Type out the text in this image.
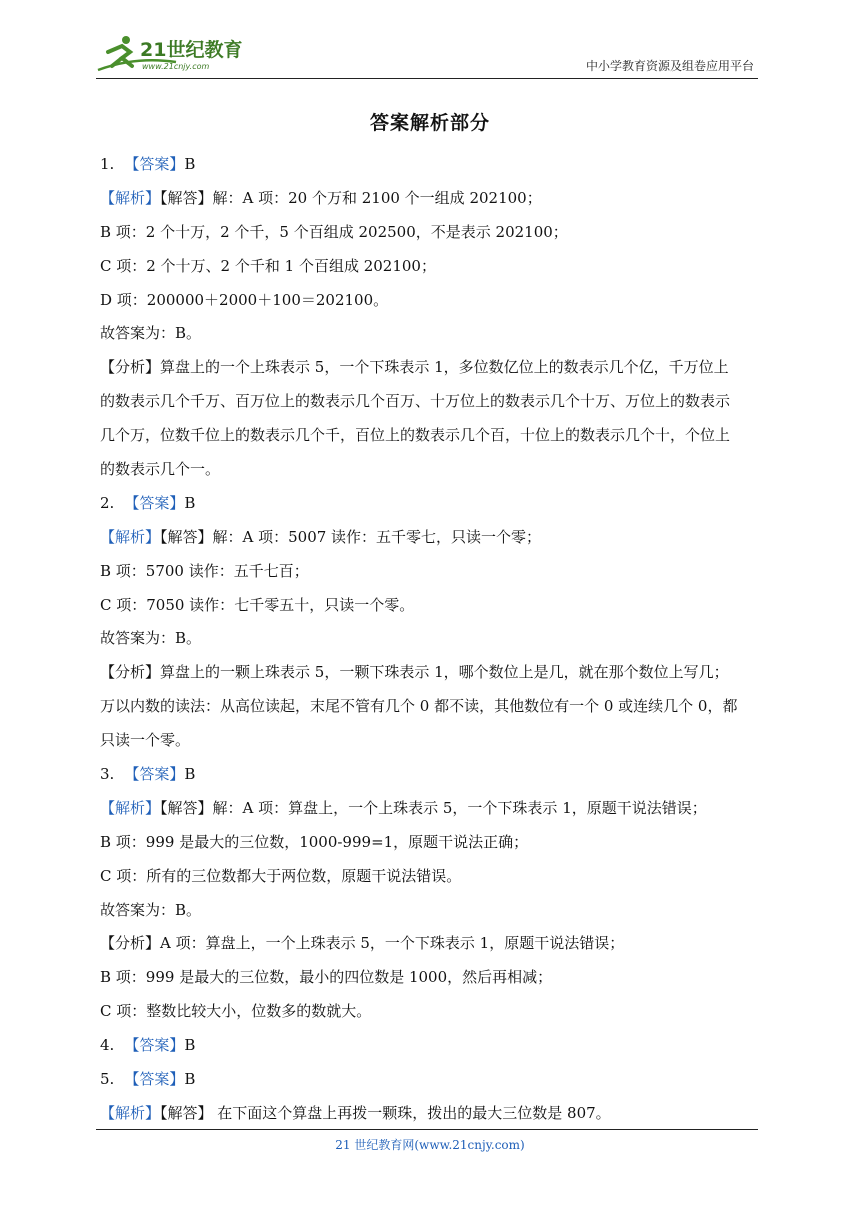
21世纪教育
www.21cnjy.com	中小学教育资源及组卷应用平台
答案解析部分
1. 【答案】B
【解析】【解答】解：A 项：20 个万和 2100 个一组成 202100；
B 项：2 个十万，2 个千，5 个百组成 202500，不是表示 202100；
C 项：2 个十万、2 个千和 1 个百组成 202100；
D 项：200000＋2000＋100＝202100。
故答案为：B。
【分析】算盘上的一个上珠表示 5，一个下珠表示 1，多位数亿位上的数表示几个亿，千万位上
的数表示几个千万、百万位上的数表示几个百万、十万位上的数表示几个十万、万位上的数表示
几个万，位数千位上的数表示几个千，百位上的数表示几个百，十位上的数表示几个十，个位上
的数表示几个一。
2. 【答案】B
【解析】【解答】解：A 项：5007 读作：五千零七，只读一个零；
B 项：5700 读作：五千七百；
C 项：7050 读作：七千零五十，只读一个零。
故答案为：B。
【分析】算盘上的一颗上珠表示 5，一颗下珠表示 1，哪个数位上是几，就在那个数位上写几；
万以内数的读法：从高位读起，末尾不管有几个 0 都不读，其他数位有一个 0 或连续几个 0，都
只读一个零。
3. 【答案】B
【解析】【解答】解：A 项：算盘上，一个上珠表示 5，一个下珠表示 1，原题干说法错误；
B 项：999 是最大的三位数，1000-999=1，原题干说法正确；
C 项：所有的三位数都大于两位数，原题干说法错误。
故答案为：B。
【分析】A 项：算盘上，一个上珠表示 5，一个下珠表示 1，原题干说法错误；
B 项：999 是最大的三位数，最小的四位数是 1000，然后再相减；
C 项：整数比较大小，位数多的数就大。
4. 【答案】B
5. 【答案】B
【解析】【解答】 在下面这个算盘上再拨一颗珠，拨出的最大三位数是 807。
21 世纪教育网(www.21cnjy.com)
